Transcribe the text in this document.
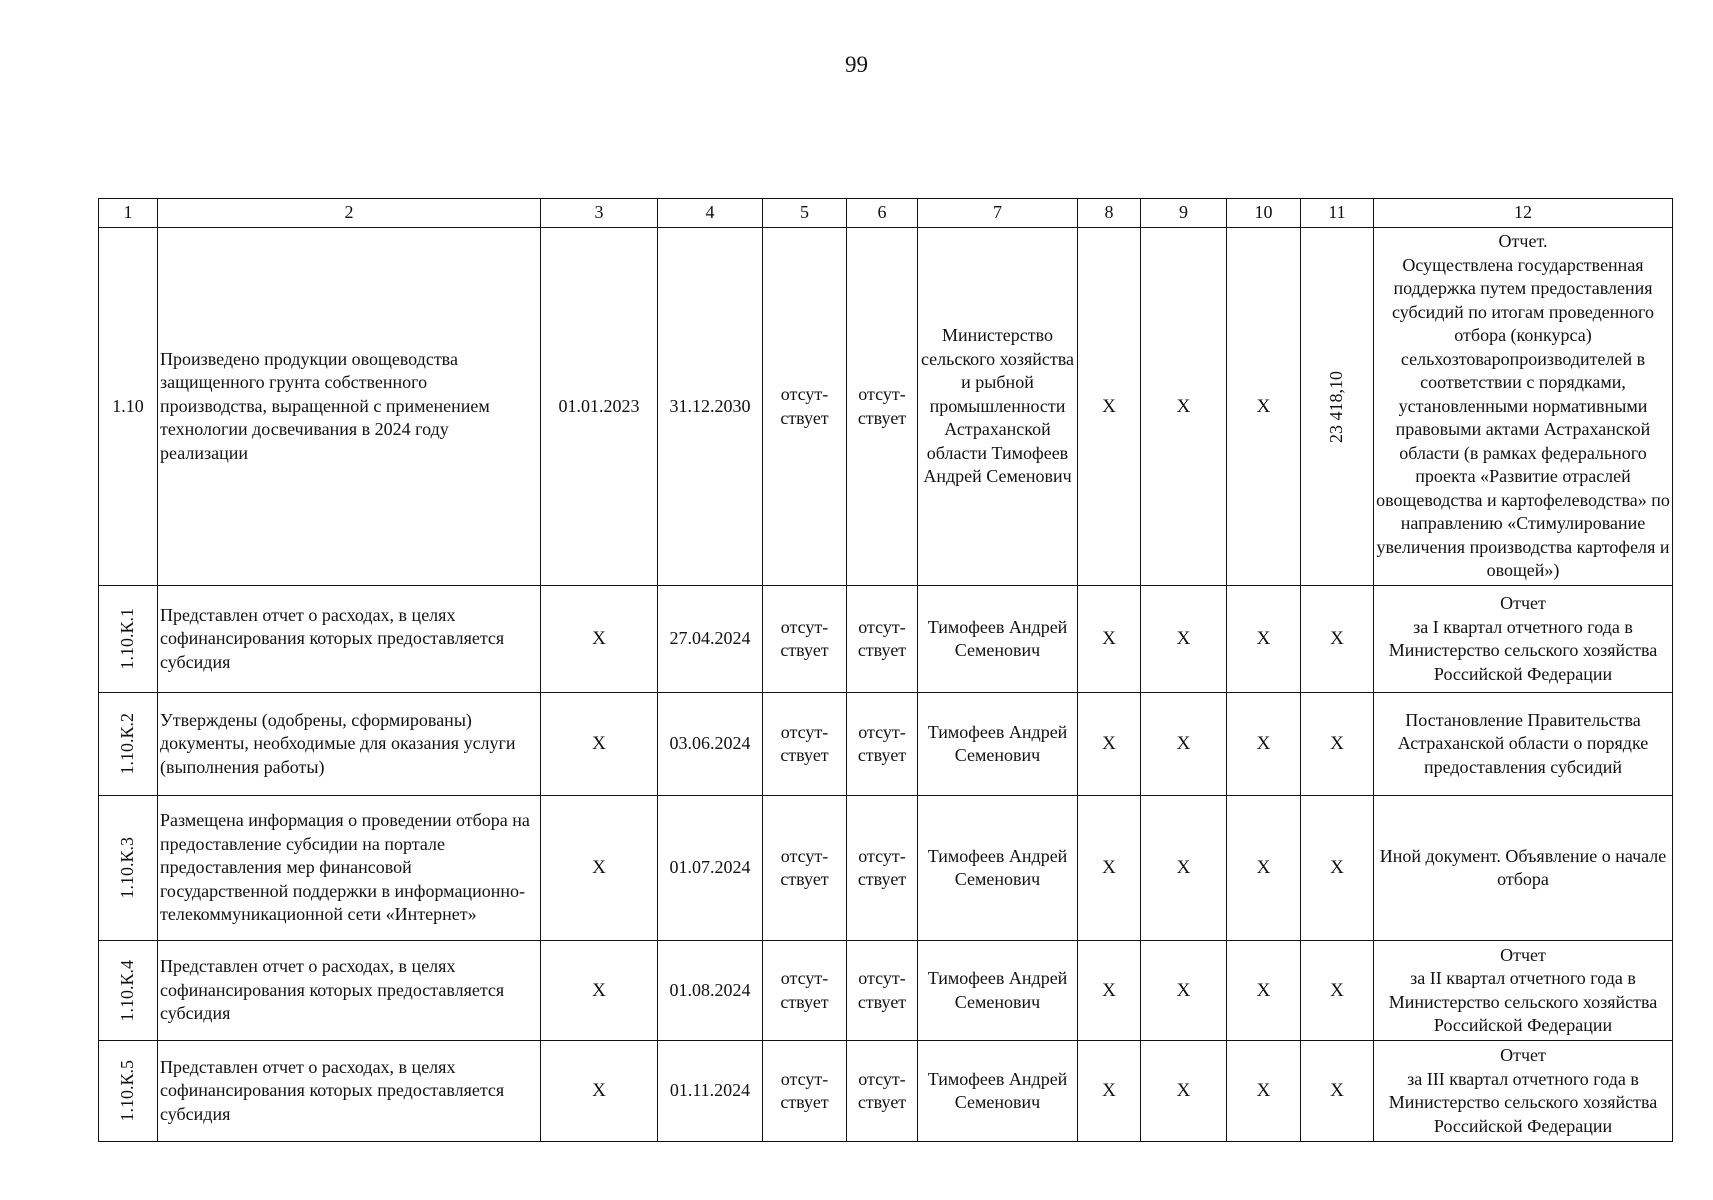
99
1	2	3	4	5	6	7	8	9	10	11	12
1.10	Произведено продукции овощеводства защищенного грунта собственного производства, выращенной с применением технологии досвечивания в 2024 году реализации	01.01.2023	31.12.2030	отсут-ствует	отсут-ствует	Министерство сельского хозяйства и рыбной промышленности Астраханской области Тимофеев Андрей Семенович	X	X	X	23 418,10	Отчет.
Осуществлена государственная поддержка путем предоставления субсидий по итогам проведенного отбора (конкурса) сельхозтоваропроизводителей в соответствии с порядками, установленными нормативными правовыми актами Астраханской области (в рамках федерального проекта «Развитие отраслей овощеводства и картофелеводства» по направлению «Стимулирование увеличения производства картофеля и овощей»)

1.10.К.1	Представлен отчет о расходах, в целях софинансирования которых предоставляется субсидия	X	27.04.2024	отсут-ствует	отсут-ствует	Тимофеев Андрей Семенович	X	X	X	X	Отчет
за I квартал отчетного года в Министерство сельского хозяйства Российской Федерации

1.10.К.2	Утверждены (одобрены, сформированы) документы, необходимые для оказания услуги (выполнения работы)	X	03.06.2024	отсут-ствует	отсут-ствует	Тимофеев Андрей Семенович	X	X	X	X	Постановление Правительства Астраханской области о порядке предоставления субсидий

1.10.К.3	Размещена информация о проведении отбора на предоставление субсидии на портале предоставления мер финансовой государственной поддержки в информационно-телекоммуникационной сети «Интернет»	X	01.07.2024	отсут-ствует	отсут-ствует	Тимофеев Андрей Семенович	X	X	X	X	Иной документ. Объявление о начале отбора

1.10.К.4	Представлен отчет о расходах, в целях софинансирования которых предоставляется субсидия	X	01.08.2024	отсут-ствует	отсут-ствует	Тимофеев Андрей Семенович	X	X	X	X	Отчет
за II квартал отчетного года в Министерство сельского хозяйства Российской Федерации

1.10.К.5	Представлен отчет о расходах, в целях софинансирования которых предоставляется субсидия	X	01.11.2024	отсут-ствует	отсут-ствует	Тимофеев Андрей Семенович	X	X	X	X	Отчет
за III квартал отчетного года в Министерство сельского хозяйства Российской Федерации
